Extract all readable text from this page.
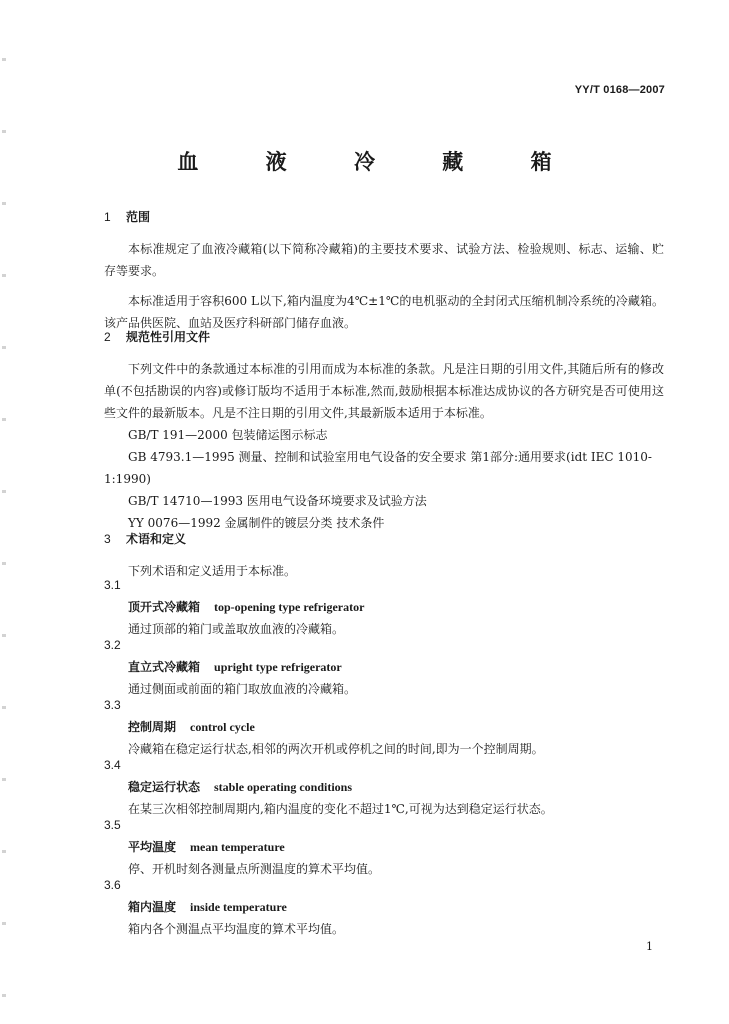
YY/T 0168—2007
血 液 冷 藏 箱
1 范围
本标准规定了血液冷藏箱(以下简称冷藏箱)的主要技术要求、试验方法、检验规则、标志、运输、贮存等要求。
本标准适用于容积600 L以下,箱内温度为4℃±1℃的电机驱动的全封闭式压缩机制冷系统的冷藏箱。该产品供医院、血站及医疗科研部门储存血液。
2 规范性引用文件
下列文件中的条款通过本标准的引用而成为本标准的条款。凡是注日期的引用文件,其随后所有的修改单(不包括勘误的内容)或修订版均不适用于本标准,然而,鼓励根据本标准达成协议的各方研究是否可使用这些文件的最新版本。凡是不注日期的引用文件,其最新版本适用于本标准。
GB/T 191—2000 包装储运图示标志
GB 4793.1—1995 测量、控制和试验室用电气设备的安全要求 第1部分:通用要求(idt IEC 1010-1:1990)
GB/T 14710—1993 医用电气设备环境要求及试验方法
YY 0076—1992 金属制件的镀层分类 技术条件
3 术语和定义
下列术语和定义适用于本标准。
3.1
顶开式冷藏箱 top-opening type refrigerator
通过顶部的箱门或盖取放血液的冷藏箱。
3.2
直立式冷藏箱 upright type refrigerator
通过侧面或前面的箱门取放血液的冷藏箱。
3.3
控制周期 control cycle
冷藏箱在稳定运行状态,相邻的两次开机或停机之间的时间,即为一个控制周期。
3.4
稳定运行状态 stable operating conditions
在某三次相邻控制周期内,箱内温度的变化不超过1℃,可视为达到稳定运行状态。
3.5
平均温度 mean temperature
停、开机时刻各测量点所测温度的算术平均值。
3.6
箱内温度 inside temperature
箱内各个测温点平均温度的算术平均值。
1
